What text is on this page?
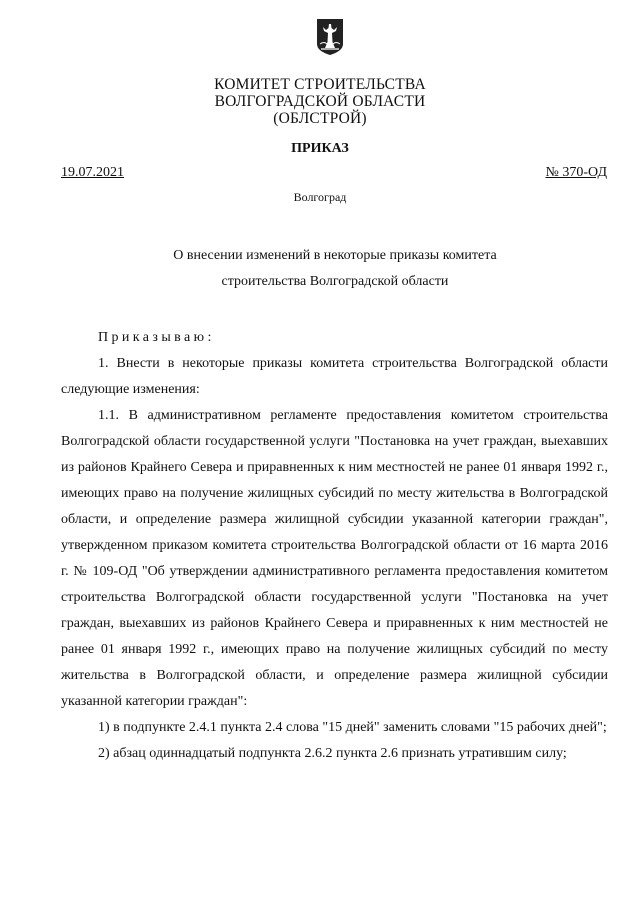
КОМИТЕТ СТРОИТЕЛЬСТВА
ВОЛГОГРАДСКОЙ ОБЛАСТИ
(ОБЛСТРОЙ)
ПРИКАЗ
19.07.2021	№ 370-ОД
Волгоград
О внесении изменений в некоторые приказы комитета
строительства Волгоградской области

Приказываю:

1. Внести в некоторые приказы комитета строительства Волгоградской области следующие изменения:

1.1. В административном регламенте предоставления комитетом строительства Волгоградской области государственной услуги "Постановка на учет граждан, выехавших из районов Крайнего Севера и приравненных к ним местностей не ранее 01 января 1992 г., имеющих право на получение жилищных субсидий по месту жительства в Волгоградской области, и определение размера жилищной субсидии указанной категории граждан", утвержденном приказом комитета строительства Волгоградской области от 16 марта 2016 г. № 109-ОД "Об утверждении административного регламента предоставления комитетом строительства Волгоградской области государственной услуги "Постановка на учет граждан, выехавших из районов Крайнего Севера и приравненных к ним местностей не ранее 01 января 1992 г., имеющих право на получение жилищных субсидий по месту жительства в Волгоградской области, и определение размера жилищной субсидии указанной категории граждан":

1) в подпункте 2.4.1 пункта 2.4 слова "15 дней" заменить словами "15 рабочих дней";

2) абзац одиннадцатый подпункта 2.6.2 пункта 2.6 признать утратившим силу;
